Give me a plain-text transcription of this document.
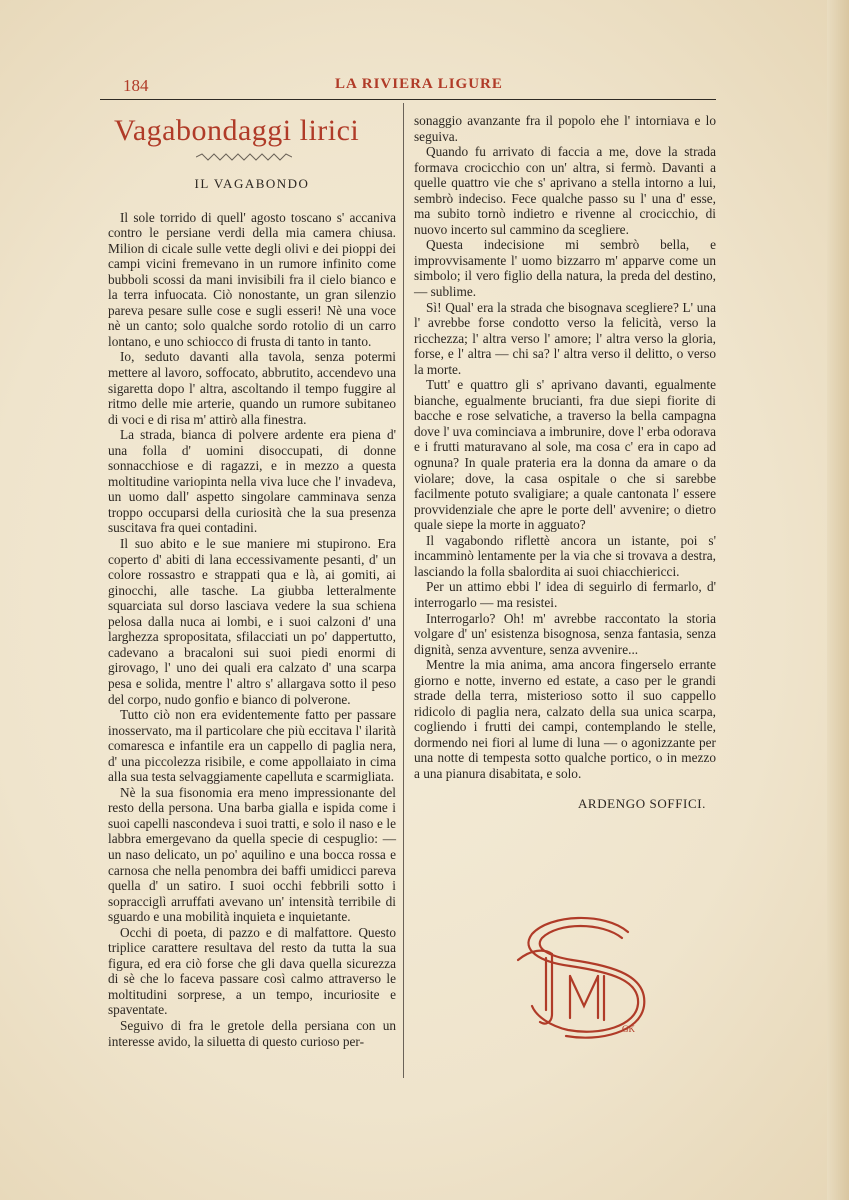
184	LA RIVIERA LIGURE
Vagabondaggi lirici
IL VAGABONDO

Il sole torrido di quell' agosto toscano s' accaniva contro le persiane verdi della mia camera chiusa. Milion di cicale sulle vette degli olivi e dei pioppi dei campi vicini fremevano in un rumore infinito come bubboli scossi da mani invisibili fra il cielo bianco e la terra infuocata. Ciò nonostante, un gran silenzio pareva pesare sulle cose e sugli esseri! Nè una voce nè un canto; solo qualche sordo rotolio di un carro lontano, e uno schiocco di frusta di tanto in tanto.

Io, seduto davanti alla tavola, senza potermi mettere al lavoro, soffocato, abbrutito, accendevo una sigaretta dopo l' altra, ascoltando il tempo fuggire al ritmo delle mie arterie, quando un rumore subitaneo di voci e di risa m' attirò alla finestra.

La strada, bianca di polvere ardente era piena d' una folla d' uomini disoccupati, di donne sonnacchiose e di ragazzi, e in mezzo a questa moltitudine variopinta nella viva luce che l' invadeva, un uomo dall' aspetto singolare camminava senza troppo occuparsi della curiosità che la sua presenza suscitava fra quei contadini.

Il suo abito e le sue maniere mi stupirono. Era coperto d' abiti di lana eccessivamente pesanti, d' un colore rossastro e strappati qua e là, ai gomiti, ai ginocchi, alle tasche. La giubba letteralmente squarciata sul dorso lasciava vedere la sua schiena pelosa dalla nuca ai lombi, e i suoi calzoni d' una larghezza spropositata, sfilacciati un po' dappertutto, cadevano a bracaloni sui suoi piedi enormi di girovago, l' uno dei quali era calzato d' una scarpa pesa e solida, mentre l' altro s' allargava sotto il peso del corpo, nudo gonfio e bianco di polverone.

Tutto ciò non era evidentemente fatto per passare inosservato, ma il particolare che più eccitava l' ilarità comaresca e infantile era un cappello di paglia nera, d' una piccolezza risibile, e come appollaiato in cima alla sua testa selvaggiamente capelluta e scarmigliata.

Nè la sua fisonomia era meno impressionante del resto della persona. Una barba gialla e ispida come i suoi capelli nascondeva i suoi tratti, e solo il naso e le labbra emergevano da quella specie di cespuglio: — un naso delicato, un po' aquilino e una bocca rossa e carnosa che nella penombra dei baffi umidicci pareva quella d' un satiro. I suoi occhi febbrili sotto i sopracciglì arruffati avevano un' intensità terribile di sguardo e una mobilità inquieta e inquietante.

Occhi di poeta, di pazzo e di malfattore. Questo triplice carattere resultava del resto da tutta la sua figura, ed era ciò forse che gli dava quella sicurezza di sè che lo faceva passare così calmo attraverso le moltitudini sorprese, a un tempo, incuriosite e spaventate.

Seguivo di fra le gretole della persiana con un interesse avido, la siluetta di questo curioso per-

sonaggio avanzante fra il popolo ehe l' intorniava e lo seguiva.

Quando fu arrivato di faccia a me, dove la strada formava crocicchio con un' altra, si fermò. Davanti a quelle quattro vie che s' aprivano a stella intorno a lui, sembrò indeciso. Fece qualche passo su l' una d' esse, ma subito tornò indietro e rivenne al crocicchio, di nuovo incerto sul cammino da scegliere.

Questa indecisione mi sembrò bella, e improvvisamente l' uomo bizzarro m' apparve come un simbolo; il vero figlio della natura, la preda del destino, — sublime.

Sì! Qual' era la strada che bisognava scegliere? L' una l' avrebbe forse condotto verso la felicità, verso la ricchezza; l' altra verso l' amore; l' altra verso la gloria, forse, e l' altra — chi sa? l' altra verso il delitto, o verso la morte.

Tutt' e quattro gli s' aprivano davanti, egualmente bianche, egualmente brucianti, fra due siepi fiorite di bacche e rose selvatiche, a traverso la bella campagna dove l' uva cominciava a imbrunire, dove l' erba odorava e i frutti maturavano al sole, ma cosa c' era in capo ad ognuna? In quale prateria era la donna da amare o da violare; dove, la casa ospitale o che si sarebbe facilmente potuto svaligiare; a quale cantonata l' essere provvidenziale che apre le porte dell' avvenire; o dietro quale siepe la morte in agguato?

Il vagabondo riflettè ancora un istante, poi s' incamminò lentamente per la via che si trovava a destra, lasciando la folla sbalordita ai suoi chiacchiericci.

Per un attimo ebbi l' idea di seguirlo di fermarlo, d' interrogarlo — ma resistei.

Interrogarlo? Oh! m' avrebbe raccontato la storia volgare d' un' esistenza bisognosa, senza fantasia, senza dignità, senza avventure, senza avvenire...

Mentre la mia anima, ama ancora fingerselo errante giorno e notte, inverno ed estate, a caso per le grandi strade della terra, misterioso sotto il suo cappello ridicolo di paglia nera, calzato della sua unica scarpa, cogliendo i frutti dei campi, contemplando le stelle, dormendo nei fiori al lume di luna — o agonizzante per una notte di tempesta sotto qualche portico, o in mezzo a una pianura disabitata, e solo.

ARDENGO SOFFICI.
GK
